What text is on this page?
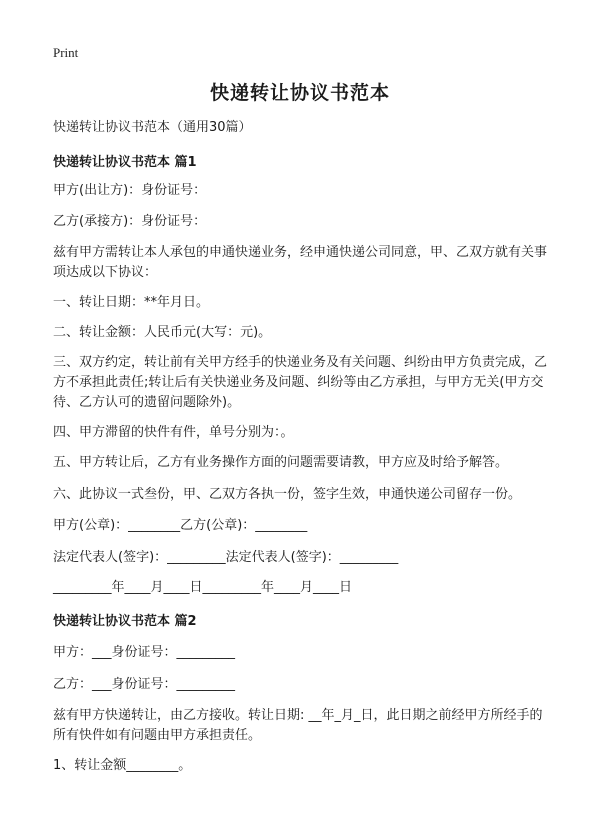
Print
快递转让协议书范本
快递转让协议书范本（通用30篇）
快递转让协议书范本 篇1
甲方(出让方)：身份证号：
乙方(承接方)：身份证号：
兹有甲方需转让本人承包的申通快递业务，经申通快递公司同意，甲、乙双方就有关事项达成以下协议：
一、转让日期：**年月日。
二、转让金额：人民币元(大写：元)。
三、双方约定，转让前有关甲方经手的快递业务及有关问题、纠纷由甲方负责完成，乙方不承担此责任;转让后有关快递业务及问题、纠纷等由乙方承担，与甲方无关(甲方交待、乙方认可的遗留问题除外)。
四、甲方滞留的快件有件，单号分别为：。
五、甲方转让后，乙方有业务操作方面的问题需要请教，甲方应及时给予解答。
六、此协议一式叁份，甲、乙双方各执一份，签字生效，申通快递公司留存一份。
甲方(公章)：________乙方(公章)：________
法定代表人(签字)：_________法定代表人(签字)：_________
_________年____月____日_________年____月____日
快递转让协议书范本 篇2
甲方：___身份证号：_________
乙方：___身份证号：_________
兹有甲方快递转让，由乙方接收。转让日期: __年_月_日，此日期之前经甲方所经手的所有快件如有问题由甲方承担责任。
1、转让金额________。
